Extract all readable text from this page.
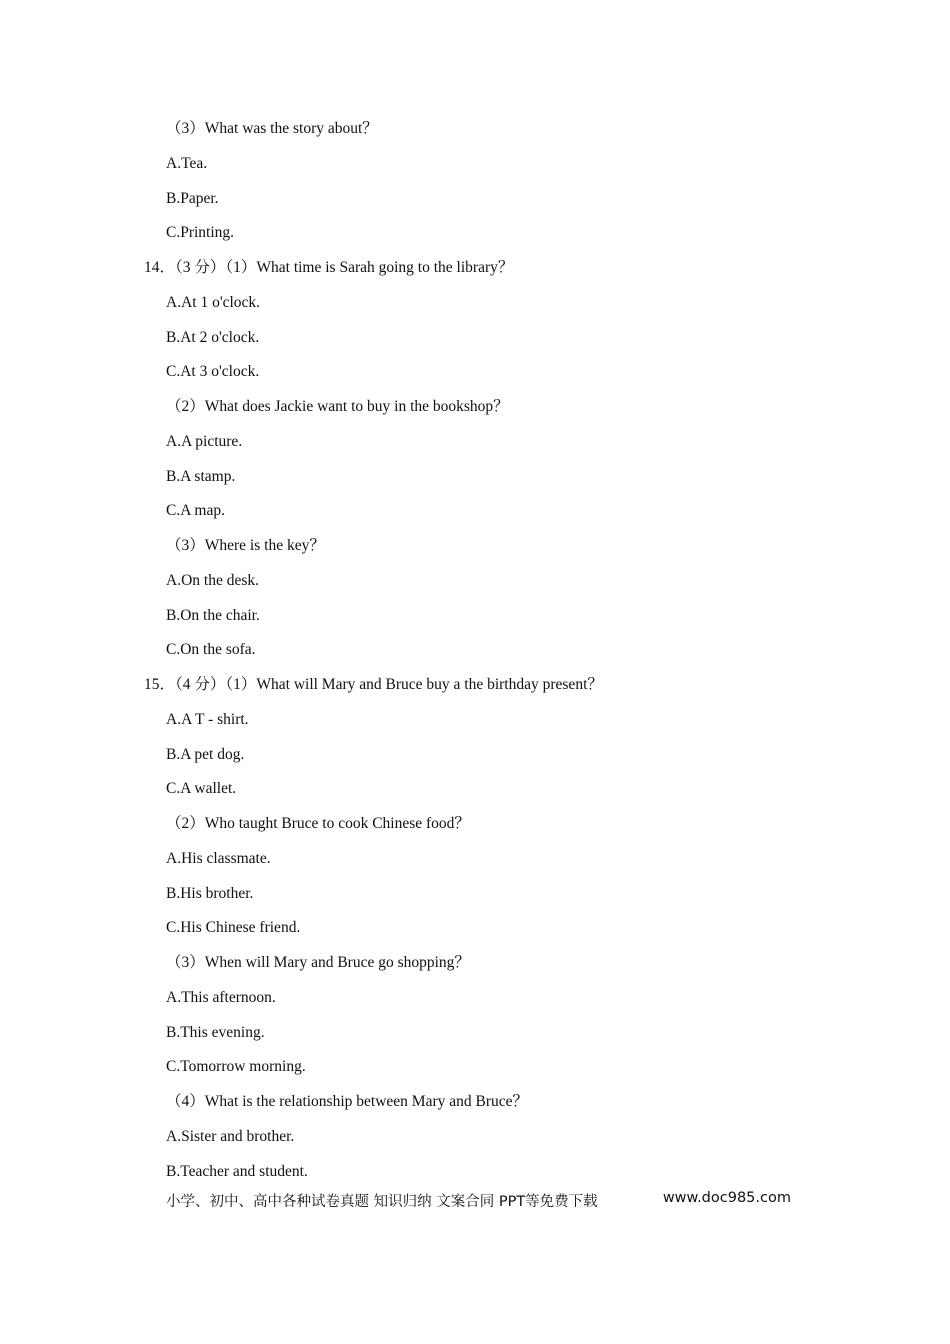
（3）What was the story about？
A.Tea.
B.Paper.
C.Printing.
14．（3 分）（1）What time is Sarah going to the library？
A.At 1 o'clock.
B.At 2 o'clock.
C.At 3 o'clock.
（2）What does Jackie want to buy in the bookshop？
A.A picture.
B.A stamp.
C.A map.
（3）Where is the key？
A.On the desk.
B.On the chair.
C.On the sofa.
15．（4 分）（1）What will Mary and Bruce buy a the birthday present？
A.A T ‑ shirt.
B.A pet dog.
C.A wallet.
（2）Who taught Bruce to cook Chinese food？
A.His classmate.
B.His brother.
C.His Chinese friend.
（3）When will Mary and Bruce go shopping？
A.This afternoon.
B.This evening.
C.Tomorrow morning.
（4）What is the relationship between Mary and Bruce？
A.Sister and brother.
B.Teacher and student.
小学、初中、高中各种试卷真题 知识归纳 文案合同 PPT等免费下载	www.doc985.com
